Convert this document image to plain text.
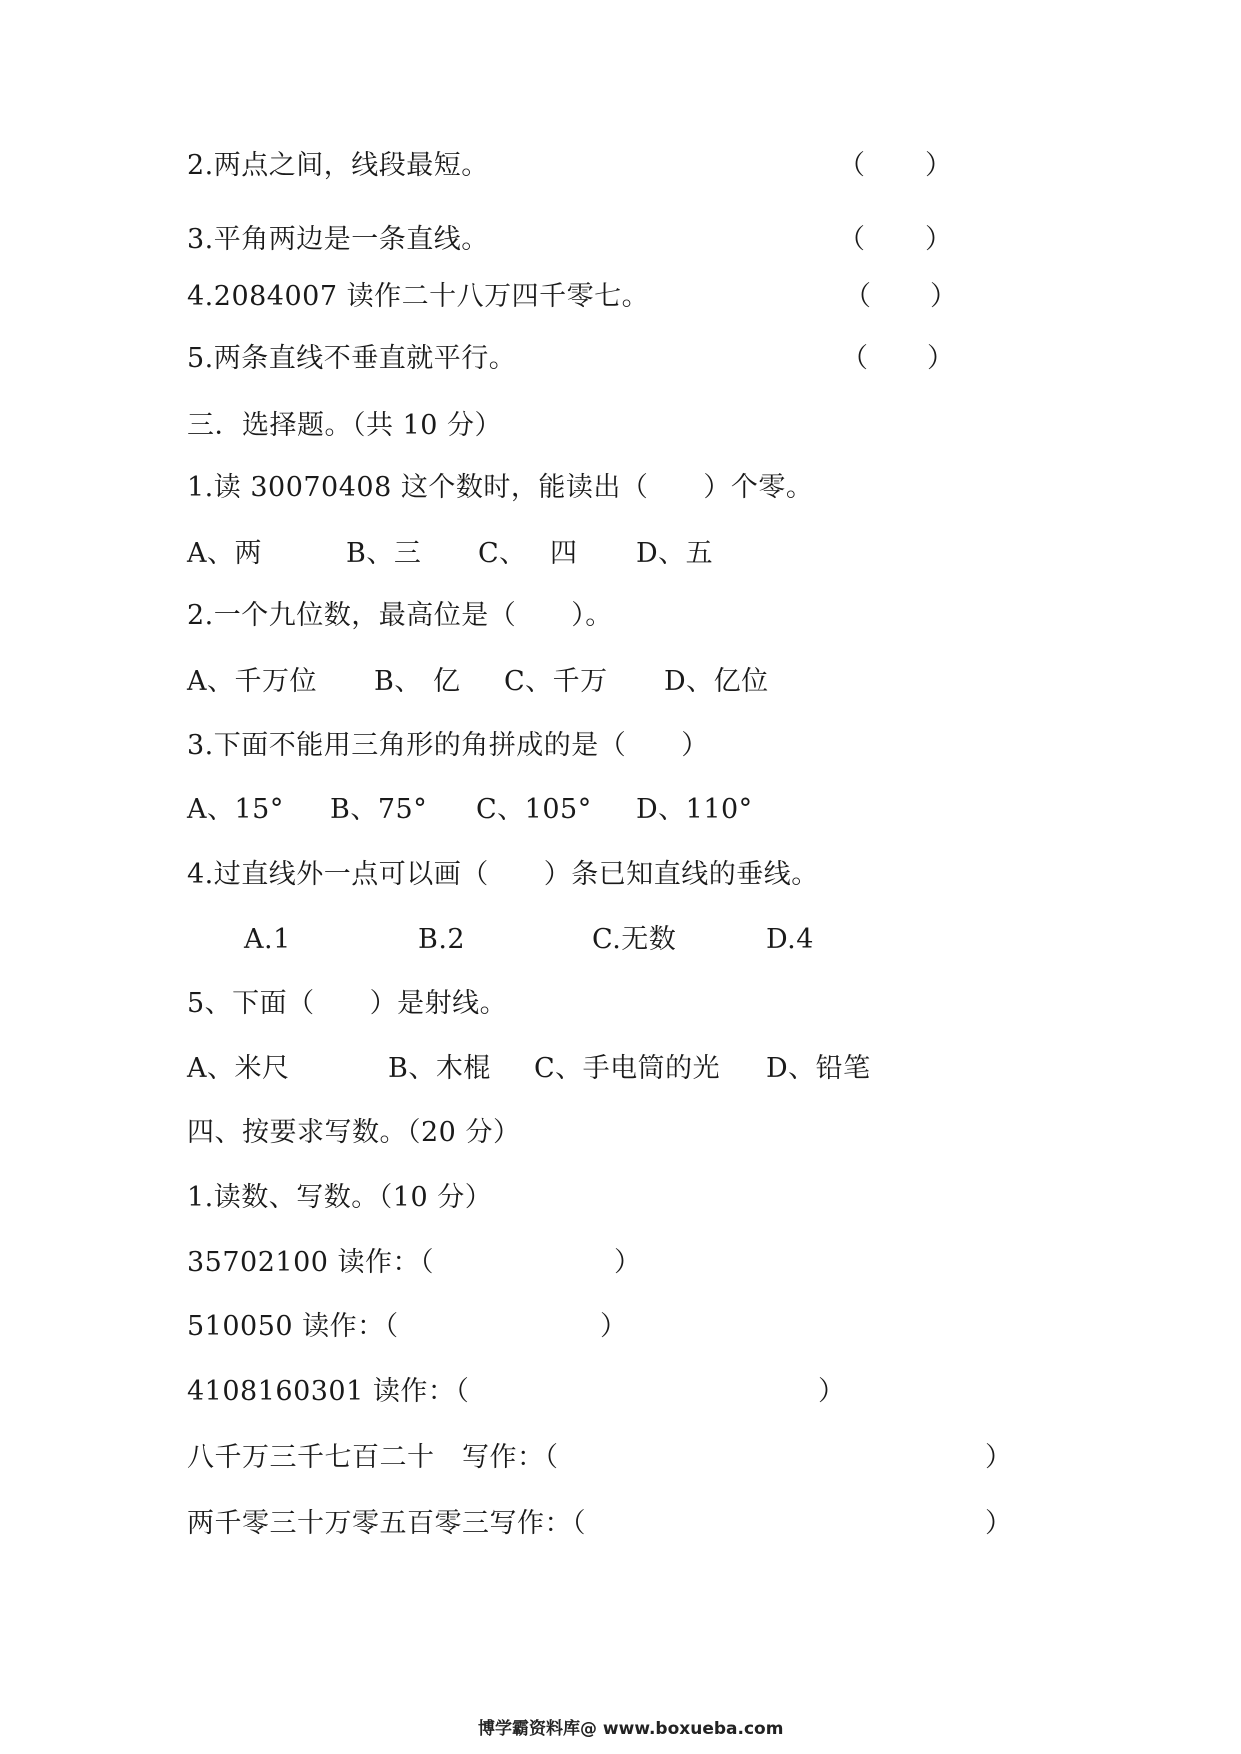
2.两点之间，线段最短。	（ ）
3.平角两边是一条直线。	（ ）
4.2084007 读作二十八万四千零七。	（ ）
5.两条直线不垂直就平行。	（ ）
三．选择题。（共 10 分）
1.读 30070408 这个数时，能读出（　　）个零。
A、两	B、三 C、 四 D、五
2.一个九位数，最高位是（　　）。
A、千万位 B、 亿 C、千万 D、亿位
3.下面不能用三角形的角拼成的是（　　）
A、15° B、75° C、105° D、110°
4.过直线外一点可以画（　　）条已知直线的垂线。
A.1	B.2	C.无数	D.4
5、下面（　　）是射线。
A、米尺	B、木棍 C、手电筒的光 D、铅笔
四、按要求写数。（20 分）
1.读数、写数。（10 分）
35702100 读作：（	）
510050 读作：（	）
4108160301 读作：（	）
八千万三千七百二十　写作：（	）
两千零三十万零五百零三写作：（	）
博学霸资料库@ www.boxueba.com
